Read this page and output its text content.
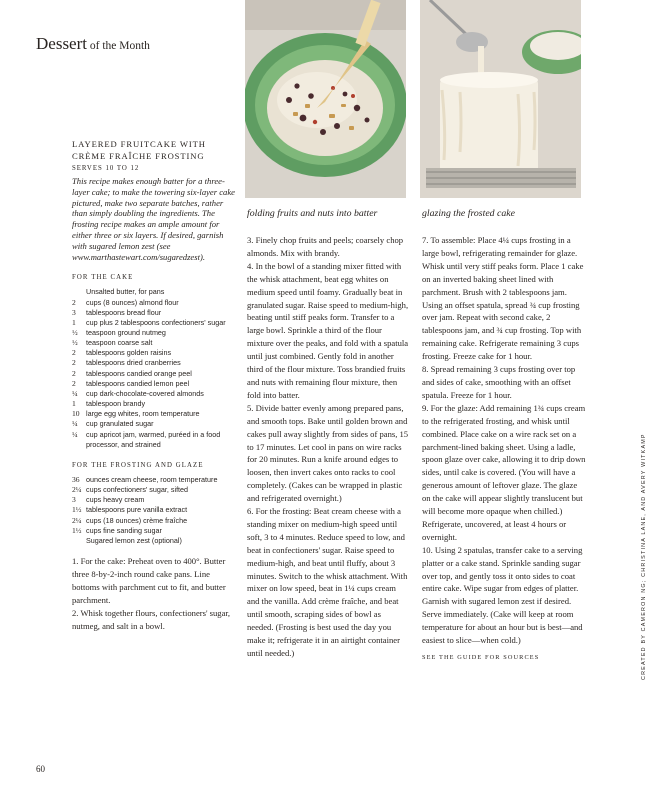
Dessert of the Month
folding fruits and nuts into batter	glazing the frosted cake
LAYERED FRUITCAKE WITH
CRÈME FRAÎCHE FROSTING
SERVES 10 TO 12
This recipe makes enough batter for a three-layer cake; to make the towering six-layer cake pictured, make two separate batches, rather than simply doubling the ingredients. The frosting recipe makes an ample amount for either three or six layers. If desired, garnish with sugared lemon zest (see www.marthastewart.com/sugaredzest).
FOR THE CAKE
Unsalted butter, for pans
2	cups (8 ounces) almond flour
3	tablespoons bread flour
1	cup plus 2 tablespoons confectioners' sugar
½	teaspoon ground nutmeg
½	teaspoon coarse salt
2	tablespoons golden raisins
2	tablespoons dried cranberries
2	tablespoons candied orange peel
2	tablespoons candied lemon peel
¼	cup dark-chocolate-covered almonds
1	tablespoon brandy
10 large egg whites, room temperature
¼	cup granulated sugar
¼	cup apricot jam, warmed, puréed in a food processor, and strained
FOR THE FROSTING AND GLAZE
36 ounces cream cheese, room temperature
2¼ cups confectioners' sugar, sifted
3	cups heavy cream
1½ tablespoons pure vanilla extract
2¼ cups (18 ounces) crème fraîche
1½ cups fine sanding sugar
Sugared lemon zest (optional)

1. For the cake: Preheat oven to 400°. Butter three 8-by-2-inch round cake pans. Line bottoms with parchment cut to fit, and butter parchment.

2. Whisk together flours, confectioners' sugar, nutmeg, and salt in a bowl.

3. Finely chop fruits and peels; coarsely chop almonds. Mix with brandy.

4. In the bowl of a standing mixer fitted with the whisk attachment, beat egg whites on medium speed until foamy. Gradually beat in granulated sugar. Raise speed to medium-high, beating until stiff peaks form. Transfer to a large bowl. Sprinkle a third of the flour mixture over the peaks, and fold with a spatula until just combined. Gently fold in another third of the flour mixture. Toss brandied fruits and nuts with remaining flour mixture, then fold into batter.

5. Divide batter evenly among prepared pans, and smooth tops. Bake until golden brown and cakes pull away slightly from sides of pans, 15 to 17 minutes. Let cool in pans on wire racks for 20 minutes. Run a knife around edges to loosen, then invert cakes onto racks to cool completely. (Cakes can be wrapped in plastic and refrigerated overnight.)

6. For the frosting: Beat cream cheese with a standing mixer on medium-high speed until soft, 3 to 4 minutes. Reduce speed to low, and beat in confectioners' sugar. Raise speed to medium-high, and beat until fluffy, about 3 minutes. Switch to the whisk attachment. With mixer on low speed, beat in 1¼ cups cream and the vanilla. Add crème fraîche, and beat until smooth, scraping sides of bowl as needed. (Frosting is best used the day you make it; refrigerate it in an airtight container until needed.)

7. To assemble: Place 4¼ cups frosting in a large bowl, refrigerating remainder for glaze. Whisk until very stiff peaks form. Place 1 cake on an inverted baking sheet lined with parchment. Brush with 2 tablespoons jam. Using an offset spatula, spread ¾ cup frosting over jam. Repeat with second cake, 2 tablespoons jam, and ¾ cup frosting. Top with remaining cake. Refrigerate remaining 3 cups frosting. Freeze cake for 1 hour.

8. Spread remaining 3 cups frosting over top and sides of cake, smoothing with an offset spatula. Freeze for 1 hour.

9. For the glaze: Add remaining 1¾ cups cream to the refrigerated frosting, and whisk until combined. Place cake on a wire rack set on a parchment-lined baking sheet. Using a ladle, spoon glaze over cake, allowing it to drip down sides, until cake is covered. (You will have a generous amount of leftover glaze. The glaze on the cake will appear slightly translucent but will become more opaque when chilled.) Refrigerate, uncovered, at least 4 hours or overnight.

10. Using 2 spatulas, transfer cake to a serving platter or a cake stand. Sprinkle sanding sugar over top, and gently toss it onto sides to coat entire cake. Wipe sugar from edges of platter. Garnish with sugared lemon zest if desired. Serve immediately. (Cake will keep at room temperature for about an hour but is best—and easiest to slice—when cold.)

SEE THE GUIDE FOR SOURCES	CREATED BY CAMERON NG; CHRISTINA LANE, AND AVERY WITKAMP
60
